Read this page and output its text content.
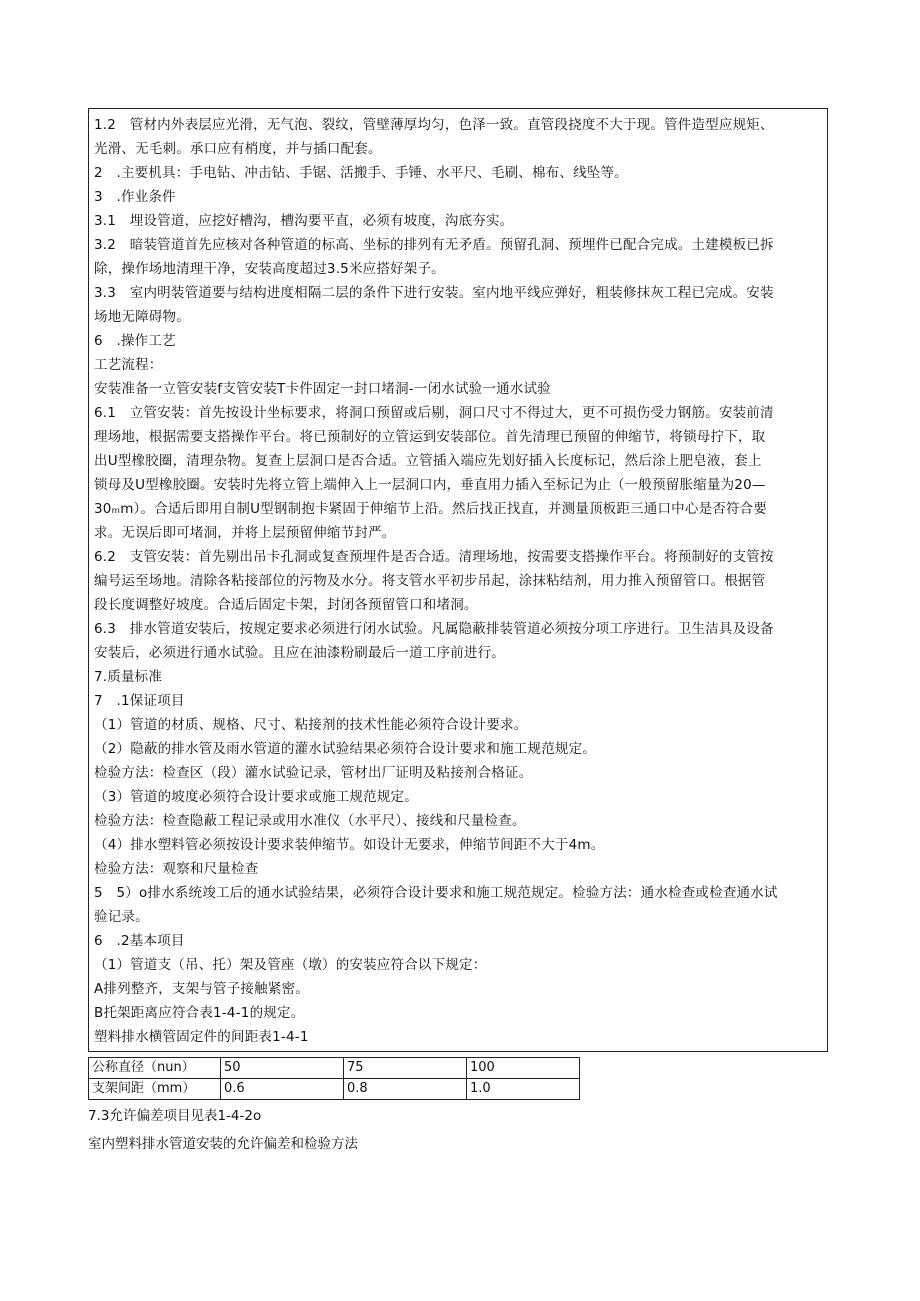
1.2　管材内外表层应光滑，无气泡、裂纹，管壁薄厚均匀，色泽一致。直管段挠度不大于现。管件造型应规矩、
光滑、无毛刺。承口应有梢度，并与插口配套。
2　.主要机具：手电钻、冲击钻、手锯、活搬手、手锤、水平尺、毛刷、棉布、线坠等。
3　.作业条件
3.1　埋设管道，应挖好槽沟，槽沟要平直，必须有坡度，沟底夯实。
3.2　暗装管道首先应核对各种管道的标高、坐标的排列有无矛盾。预留孔洞、预埋件已配合完成。土建模板已拆
除，操作场地清理干净，安装高度超过3.5米应搭好架子。
3.3　室内明装管道要与结构进度相隔二层的条件下进行安装。室内地平线应弹好，粗装修抹灰工程已完成。安装
场地无障碍物。
6　.操作工艺
工艺流程：
安装准备一立管安装f支管安装T卡件固定一封口堵洞-一闭水试验一通水试验
6.1　立管安装：首先按设计坐标要求，将洞口预留或后剔，洞口尺寸不得过大，更不可损伤受力钢筋。安装前清
理场地，根据需要支搭操作平台。将已预制好的立管运到安装部位。首先清理已预留的伸缩节，将锁母拧下，取
出U型橡胶圈，清理杂物。复查上层洞口是否合适。立管插入端应先划好插入长度标记，然后涂上肥皂液，套上
锁母及U型橡胶圈。安装时先将立管上端伸入上一层洞口内，垂直用力插入至标记为止（一般预留胀缩量为20—
30ₘm）。合适后即用自制U型钢制抱卡紧固于伸缩节上沿。然后找正找直，并测量顶板距三通口中心是否符合要
求。无误后即可堵洞，并将上层预留伸缩节封严。
6.2　支管安装：首先剔出吊卡孔洞或复查预埋件是否合适。清理场地，按需要支搭操作平台。将预制好的支管按
编号运至场地。清除各粘接部位的污物及水分。将支管水平初步吊起，涂抹粘结剂，用力推入预留管口。根据管
段长度调整好坡度。合适后固定卡架，封闭各预留管口和堵洞。
6.3　排水管道安装后，按规定要求必须进行闭水试验。凡属隐蔽排装管道必须按分项工序进行。卫生洁具及设备
安装后，必须进行通水试验。且应在油漆粉刷最后一道工序前进行。
7.质量标准
7　.1保证项目
（1）管道的材质、规格、尺寸、粘接剂的技术性能必须符合设计要求。
（2）隐蔽的排水管及雨水管道的灌水试验结果必须符合设计要求和施工规范规定。
检验方法：检查区（段）灌水试验记录，管材出厂证明及粘接剂合格证。
（3）管道的坡度必须符合设计要求或施工规范规定。
检验方法：检查隐蔽工程记录或用水准仪（水平尺）、接线和尺量检查。
（4）排水塑料管必须按设计要求装伸缩节。如设计无要求，伸缩节间距不大于4m。
检验方法：观察和尺量检查
5　5）o排水系统竣工后的通水试验结果，必须符合设计要求和施工规范规定。检验方法：通水检查或检查通水试
验记录。
6　.2基本项目
（1）管道支（吊、托）架及管座（墩）的安装应符合以下规定：
A排列整齐，支架与管子接触紧密。
B托架距离应符合表1-4-1的规定。
塑料排水横管固定件的间距表1-4-1
公称直径（nun）	50	75	100
支架间距（mm）	0.6	0.8	1.0
7.3允许偏差项目见表1-4-2o
室内塑料排水管道安装的允许偏差和检验方法
